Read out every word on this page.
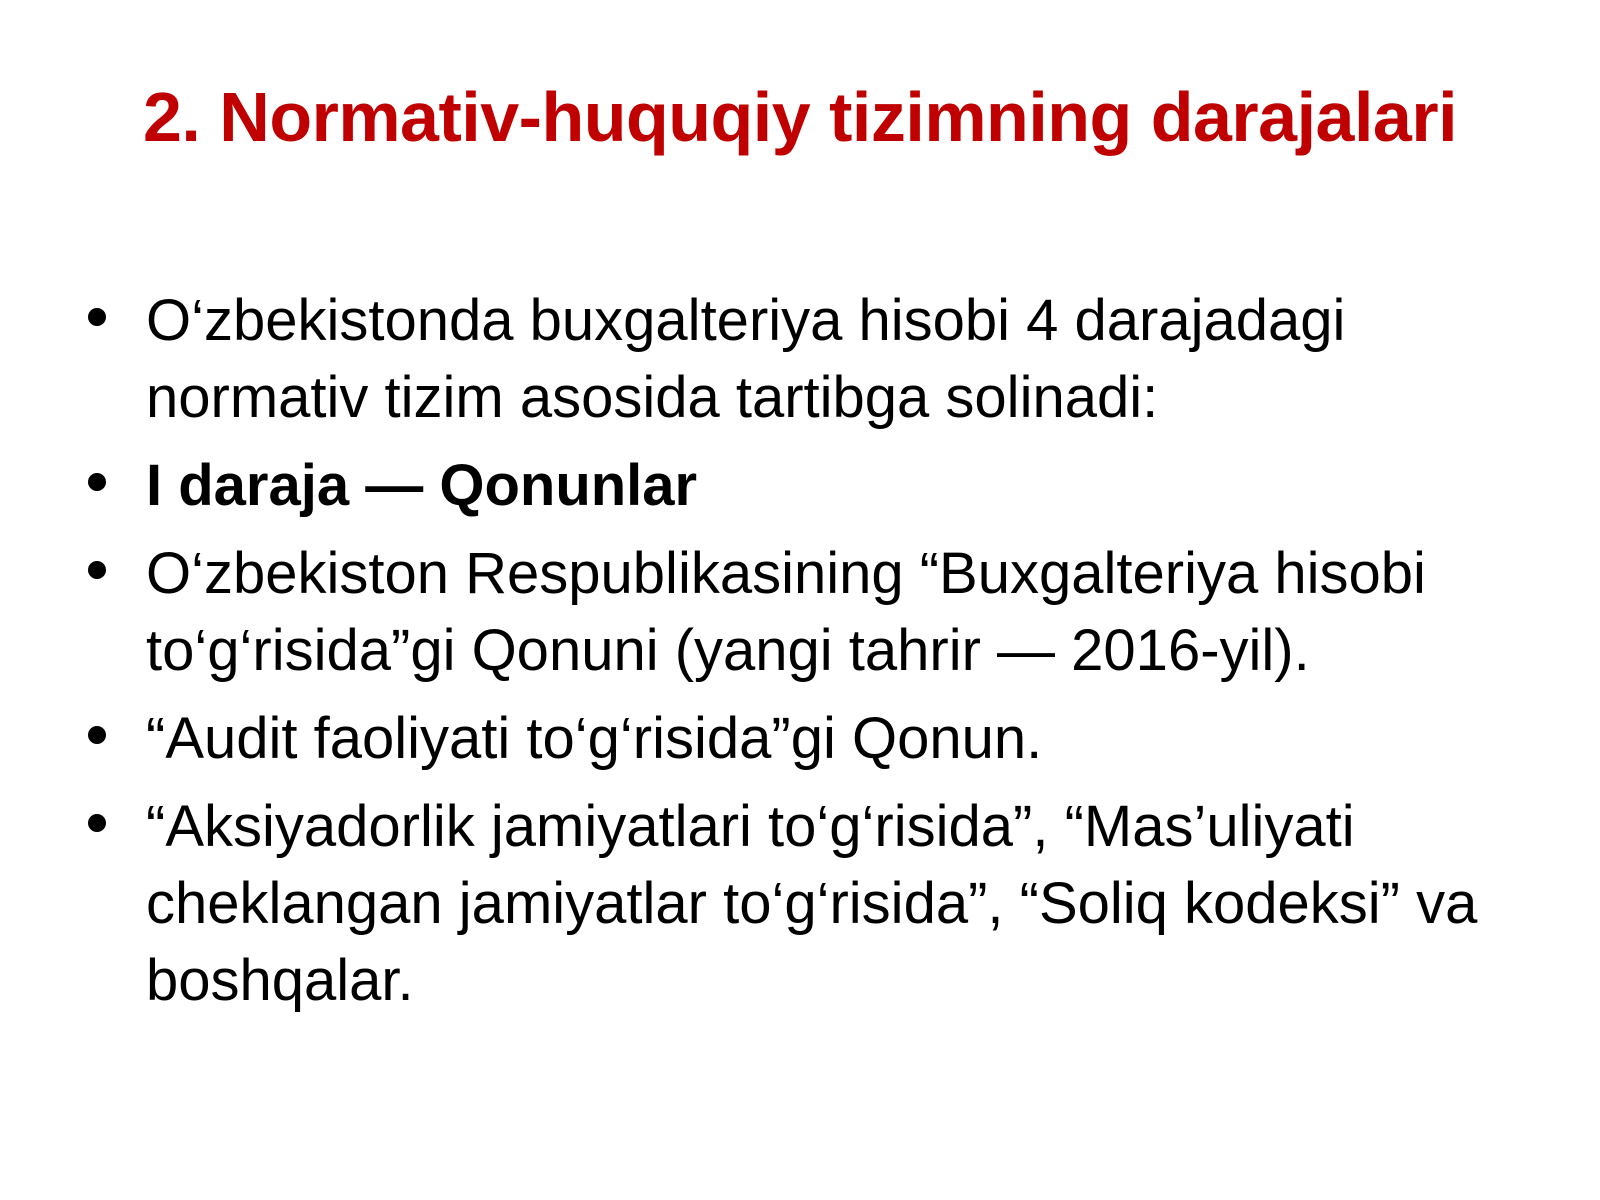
2. Normativ-huquqiy tizimning darajalari
O‘zbekistonda buxgalteriya hisobi 4 darajadagi normativ tizim asosida tartibga solinadi:
I daraja — Qonunlar
O‘zbekiston Respublikasining “Buxgalteriya hisobi to‘g‘risida”gi Qonuni (yangi tahrir — 2016-yil).
“Audit faoliyati to‘g‘risida”gi Qonun.
“Aksiyadorlik jamiyatlari to‘g‘risida”, “Mas’uliyati cheklangan jamiyatlar to‘g‘risida”, “Soliq kodeksi” va boshqalar.
